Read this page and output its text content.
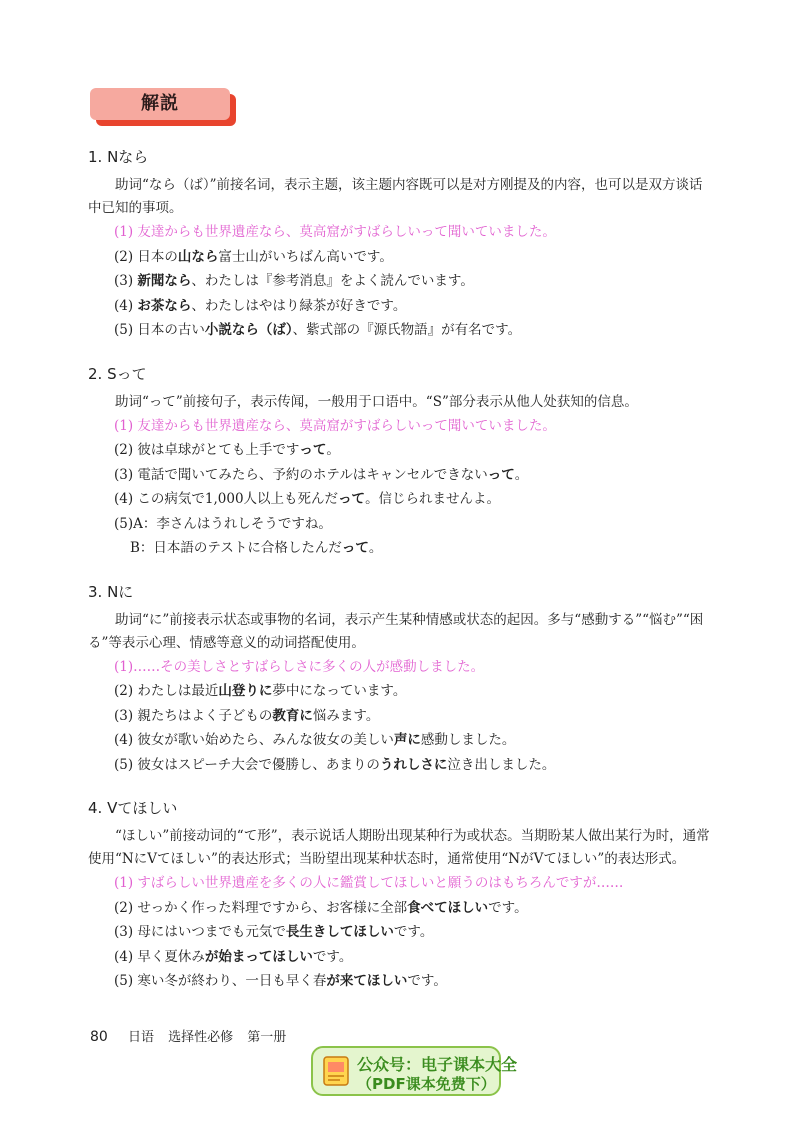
解説
1. Nなら

助词“なら（ば）”前接名词，表示主题，该主题内容既可以是对方刚提及的内容，也可以是双方谈话中已知的事项。

(1) 友達からも世界遺産なら、莫高窟がすばらしいって聞いていました。
(2) 日本の山なら富士山がいちばん高いです。
(3) 新聞なら、わたしは『参考消息』をよく読んでいます。
(4) お茶なら、わたしはやはり緑茶が好きです。
(5) 日本の古い小説なら（ば）、紫式部の『源氏物語』が有名です。
2. Sって

助词“って”前接句子，表示传闻，一般用于口语中。“S”部分表示从他人处获知的信息。

(1) 友達からも世界遺産なら、莫高窟がすばらしいって聞いていました。
(2) 彼は卓球がとても上手ですって。
(3) 電話で聞いてみたら、予約のホテルはキャンセルできないって。
(4) この病気で1,000人以上も死んだって。信じられませんよ。
(5)A：李さんはうれしそうですね。
B：日本語のテストに合格したんだって。
3. Nに

助词“に”前接表示状态或事物的名词，表示产生某种情感或状态的起因。多与“感動する”“悩む”“困る”等表示心理、情感等意义的动词搭配使用。

(1)……その美しさとすばらしさに多くの人が感動しました。
(2) わたしは最近山登りに夢中になっています。
(3) 親たちはよく子どもの教育に悩みます。
(4) 彼女が歌い始めたら、みんな彼女の美しい声に感動しました。
(5) 彼女はスピーチ大会で優勝し、あまりのうれしさに泣き出しました。
4. Vてほしい

“ほしい”前接动词的“て形”，表示说话人期盼出现某种行为或状态。当期盼某人做出某行为时，通常使用“NにVてほしい”的表达形式；当盼望出现某种状态时，通常使用“NがVてほしい”的表达形式。

(1) すばらしい世界遺産を多くの人に鑑賞してほしいと願うのはもちろんですが……
(2) せっかく作った料理ですから、お客様に全部食べてほしいです。
(3) 母にはいつまでも元気で長生きしてほしいです。
(4) 早く夏休みが始まってほしいです。
(5) 寒い冬が終わり、一日も早く春が来てほしいです。
80 日语 选择性必修 第一册
公众号：电子课本大全
（PDF课本免费下）
